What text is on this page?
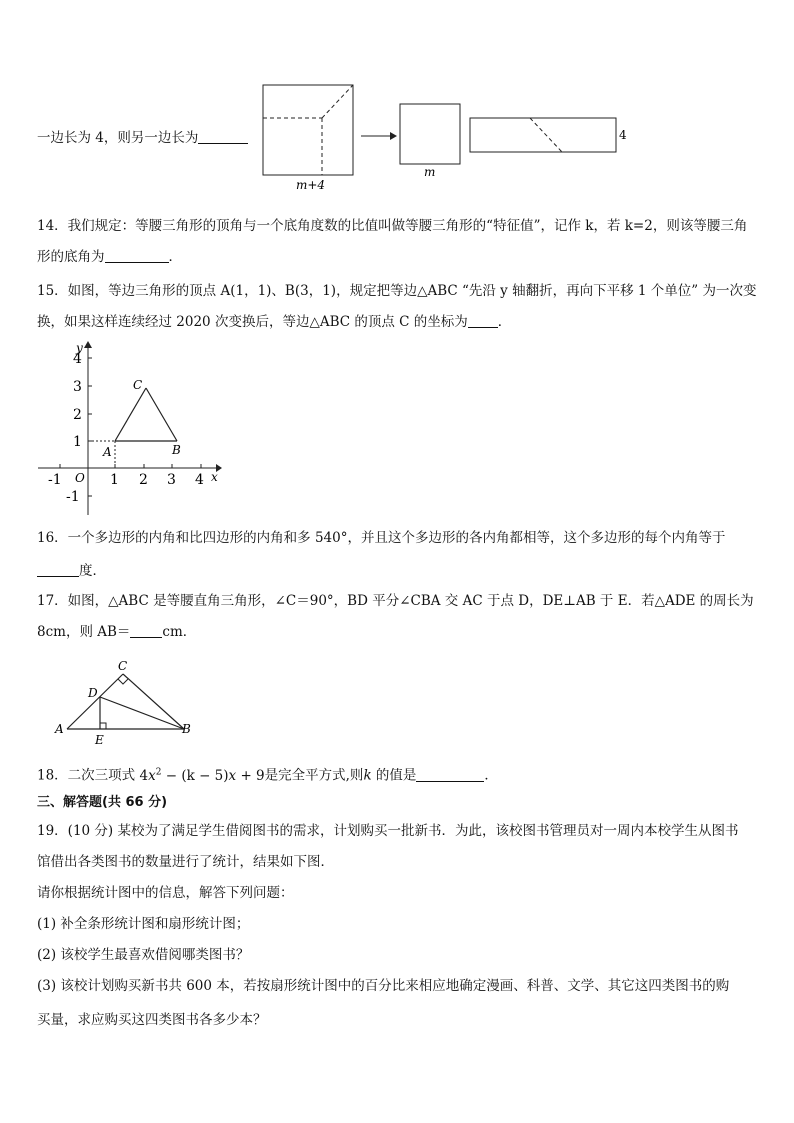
一边长为 4，则另一边长为
m+4
m
4
14．我们规定：等腰三角形的顶角与一个底角度数的比值叫做等腰三角形的“特征值”，记作 k，若 k=2，则该等腰三角
形的底角为	．
15．如图，等边三角形的顶点 A(1，1)、B(3，1)，规定把等边△ABC “先沿 y 轴翻折，再向下平移 1 个单位” 为一次变
换，如果这样连续经过 2020 次变换后，等边△ABC 的顶点 C 的坐标为 ．
-1	1 2 3 4
4
3
2
1
-1
O	x
y
A	B
C
16．一个多边形的内角和比四边形的内角和多 540°，并且这个多边形的各内角都相等，这个多边形的每个内角等于
度．
17．如图，△ABC 是等腰直角三角形，∠C＝90°，BD 平分∠CBA 交 AC 于点 D，DE⊥AB 于 E．若△ADE 的周长为
8cm，则 AB＝ cm．
C
D
A	B
E
18．二次三项式 $4x^2 - (k - 5)x + 9$是完全平方式,则k 的值是	．
三、解答题(共 66 分)
19．(10 分) 某校为了满足学生借阅图书的需求，计划购买一批新书．为此，该校图书管理员对一周内本校学生从图书
馆借出各类图书的数量进行了统计，结果如下图．
请你根据统计图中的信息，解答下列问题：
(1) 补全条形统计图和扇形统计图；
(2) 该校学生最喜欢借阅哪类图书？
(3) 该校计划购买新书共 600 本，若按扇形统计图中的百分比来相应地确定漫画、科普、文学、其它这四类图书的购
买量，求应购买这四类图书各多少本？
